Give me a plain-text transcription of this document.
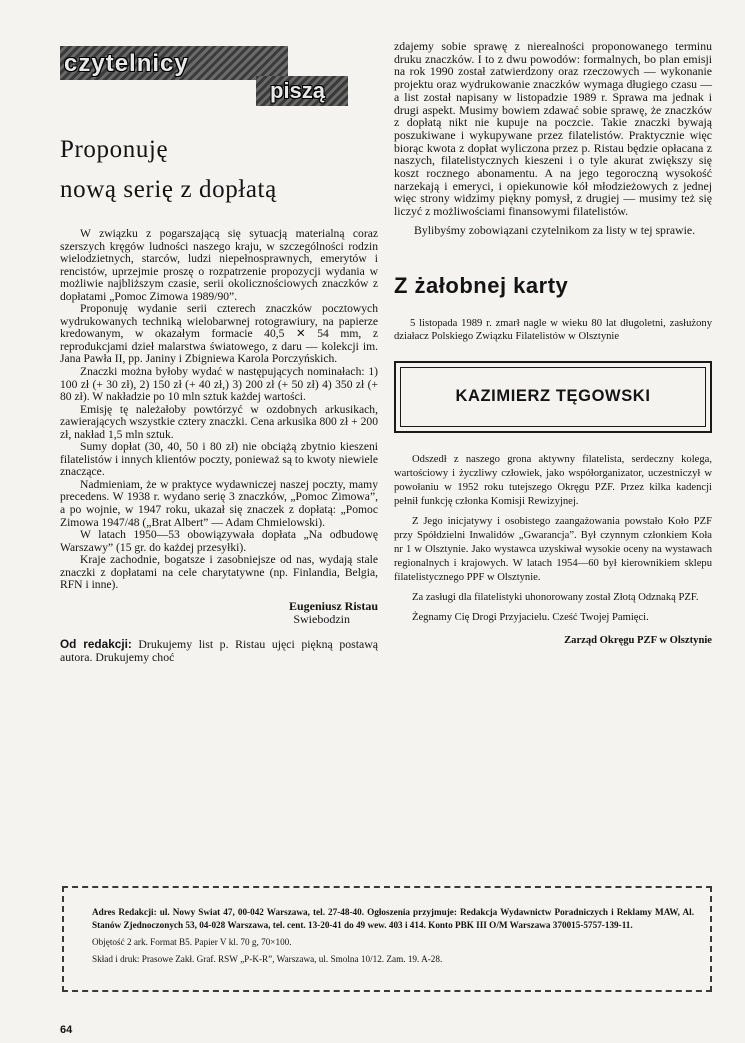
czytelnicy
piszą
Proponuję
nową serię z dopłatą

W związku z pogarszającą się sytuacją materialną coraz szerszych kręgów ludności naszego kraju, w szczególności rodzin wielodzietnych, starców, ludzi niepełnosprawnych, emerytów i rencistów, uprzejmie proszę o rozpatrzenie propozycji wydania w możliwie najbliższym czasie, serii okolicznościowych znaczków z dopłatami „Pomoc Zimowa 1989/90”.

Proponuję wydanie serii czterech znaczków pocztowych wydrukowanych techniką wielobarwnej rotograwiury, na papierze kredowanym, w okazałym formacie 40,5 ✕ 54 mm, z reprodukcjami dzieł malarstwa światowego, z daru — kolekcji im. Jana Pawła II, pp. Janiny i Zbigniewa Karola Porczyńskich.

Znaczki można byłoby wydać w następujących nominałach: 1) 100 zł (+ 30 zł), 2) 150 zł (+ 40 zł,) 3) 200 zł (+ 50 zł) 4) 350 zł (+ 80 zł). W nakładzie po 10 mln sztuk każdej wartości.

Emisję tę należałoby powtórzyć w ozdobnych arkusikach, zawierających wszystkie cztery znaczki. Cena arkusika 800 zł + 200 zł, nakład 1,5 mln sztuk.

Sumy dopłat (30, 40, 50 i 80 zł) nie obciążą zbytnio kieszeni filatelistów i innych klientów poczty, ponieważ są to kwoty niewiele znaczące.

Nadmieniam, że w praktyce wydawniczej naszej poczty, mamy precedens. W 1938 r. wydano serię 3 znaczków, „Pomoc Zimowa”, a po wojnie, w 1947 roku, ukazał się znaczek z dopłatą: „Pomoc Zimowa 1947/48 („Brat Albert” — Adam Chmielowski).

W latach 1950—53 obowiązywała dopłata „Na odbudowę Warszawy” (15 gr. do każdej przesyłki).

Kraje zachodnie, bogatsze i zasobniejsze od nas, wydają stale znaczki z dopłatami na cele charytatywne (np. Finlandia, Belgia, RFN i inne).

Eugeniusz Ristau
Swiebodzin
Od redakcji: Drukujemy list p. Ristau ujęci piękną postawą autora. Drukujemy choć

zdajemy sobie sprawę z nierealności proponowanego terminu druku znaczków. I to z dwu powodów: formalnych, bo plan emisji na rok 1990 został zatwierdzony oraz rzeczowych — wykonanie projektu oraz wydrukowanie znaczków wymaga długiego czasu — a list został napisany w listopadzie 1989 r. Sprawa ma jednak i drugi aspekt. Musimy bowiem zdawać sobie sprawę, że znaczków z dopłatą nikt nie kupuje na poczcie. Takie znaczki bywają poszukiwane i wykupywane przez filatelistów. Praktycznie więc biorąc kwota z dopłat wyliczona przez p. Ristau będzie opłacana z naszych, filatelistycznych kieszeni i o tyle akurat zwiększy się koszt rocznego abonamentu. A na jego tegoroczną wysokość narzekają i emeryci, i opiekunowie kół młodzieżowych z jednej więc strony widzimy piękny pomysł, z drugiej — musimy też się liczyć z możliwościami finansowymi filatelistów.

Bylibyśmy zobowiązani czytelnikom za listy w tej sprawie.

Z żałobnej karty

5 listopada 1989 r. zmarł nagle w wieku 80 lat długoletni, zasłużony działacz Polskiego Związku Filatelistów w Olsztynie

KAZIMIERZ TĘGOWSKI

Odszedł z naszego grona aktywny filatelista, serdeczny kolega, wartościowy i życzliwy człowiek, jako współorganizator, uczestniczył w powołaniu w 1952 roku tutejszego Okręgu PZF. Przez kilka kadencji pełnił funkcję członka Komisji Rewizyjnej.

Z Jego inicjatywy i osobistego zaangażowania powstało Koło PZF przy Spółdzielni Inwalidów „Gwarancja”. Był czynnym członkiem Koła nr 1 w Olsztynie. Jako wystawca uzyskiwał wysokie oceny na wystawach regionalnych i krajowych. W latach 1954—60 był kierownikiem sklepu filatelistycznego PPF w Olsztynie.

Za zasługi dla filatelistyki uhonorowany został Złotą Odznaką PZF.

Żegnamy Cię Drogi Przyjacielu. Cześć Twojej Pamięci.

Zarząd Okręgu PZF w Olsztynie

Adres Redakcji: ul. Nowy Swiat 47, 00-042 Warszawa, tel. 27-48-40. Ogłoszenia przyjmuje: Redakcja Wydawnictw Poradniczych i Reklamy MAW, Al. Stanów Zjednoczonych 53, 04-028 Warszawa, tel. cent. 13-20-41 do 49 wew. 403 i 414. Konto PBK III O/M Warszawa 370015-5757-139-11.

Objętość 2 ark. Format B5. Papier V kl. 70 g, 70×100.

Skład i druk: Prasowe Zakł. Graf. RSW „P-K-R”, Warszawa, ul. Smolna 10/12. Zam. 19. A-28.

64
